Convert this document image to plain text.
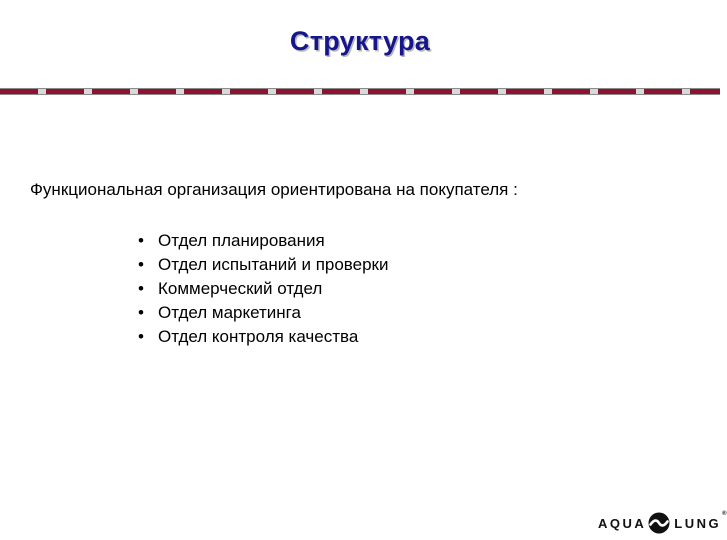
Структура
Функциональная организация ориентирована на покупателя :
• Отдел планирования
• Отдел испытаний и проверки
• Коммерческий отдел
• Отдел маркетинга
• Отдел контроля качества
AQUA LUNG
®
